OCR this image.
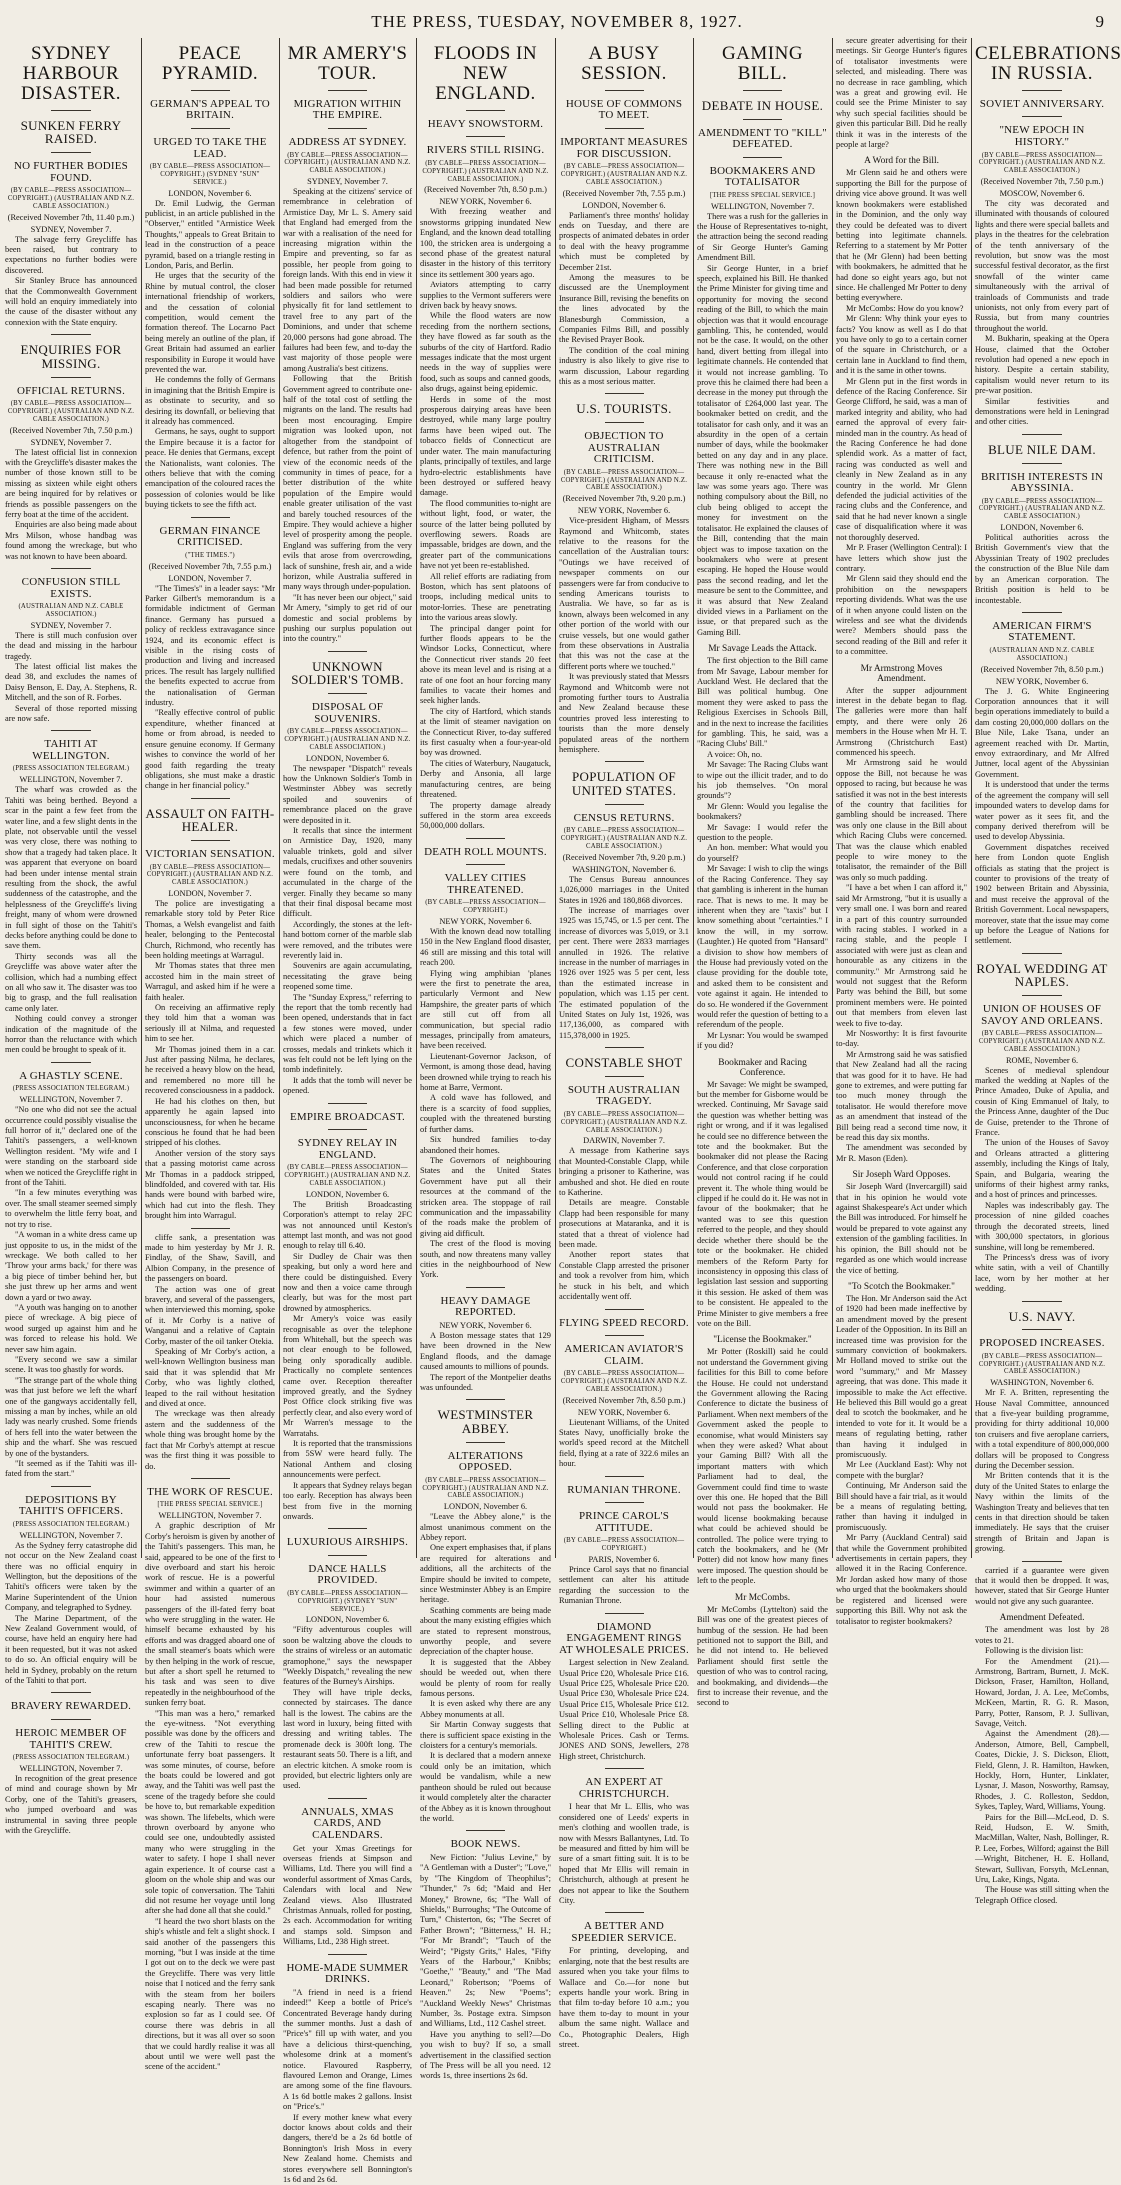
THE PRESS, TUESDAY, NOVEMBER 8, 1927.	9
SYDNEY HARBOUR DISASTER.
SUNKEN FERRY RAISED.
NO FURTHER BODIES FOUND.
(BY CABLE—PRESS ASSOCIATION—COPYRIGHT.) (AUSTRALIAN AND N.Z. CABLE ASSOCIATION.)
(Received November 7th, 11.40 p.m.)
SYDNEY, November 7.

The salvage ferry Greycliffe has been raised, but contrary to expectations no further bodies were discovered.

Sir Stanley Bruce has announced that the Commonwealth Government will hold an enquiry immediately into the cause of the disaster without any connexion with the State enquiry.

ENQUIRIES FOR MISSING.
OFFICIAL RETURNS.
(BY CABLE—PRESS ASSOCIATION—COPYRIGHT.) (AUSTRALIAN AND N.Z. CABLE ASSOCIATION.)
(Received November 7th, 7.50 p.m.)
SYDNEY, November 7.

The latest official list in connexion with the Greycliffe's disaster makes the number of those known still to be missing as sixteen while eight others are being inquired for by relatives or friends as possible passengers on the ferry boat at the time of the accident.

Enquiries are also being made about Mrs Milson, whose handbag was found among the wreckage, but who was not known to have been aboard.

CONFUSION STILL EXISTS.
(AUSTRALIAN AND N.Z. CABLE ASSOCIATION.)
SYDNEY, November 7.

There is still much confusion over the dead and missing in the harbour tragedy.

The latest official list makes the dead 38, and excludes the names of Daisy Benson, E. Day, A. Stephens, R. Mitchell, and the son of R. Forbes.

Several of those reported missing are now safe.

TAHITI AT WELLINGTON.
(PRESS ASSOCIATION TELEGRAM.)
WELLINGTON, November 7.

The wharf was crowded as the Tahiti was being berthed. Beyond a scar in the paint a few feet from the water line, and a few slight dents in the plate, not observable until the vessel was very close, there was nothing to show that a tragedy had taken place. It was apparent that everyone on board had been under intense mental strain resulting from the shock, the awful suddenness of the catastrophe, and the helplessness of the Greycliffe's living freight, many of whom were drowned in full sight of those on the Tahiti's decks before anything could be done to save them.

Thirty seconds was all the Greycliffe was above water after the collision, which had a numbing effect on all who saw it. The disaster was too big to grasp, and the full realisation came only later.

Nothing could convey a stronger indication of the magnitude of the horror than the reluctance with which men could be brought to speak of it.

A GHASTLY SCENE.
(PRESS ASSOCIATION TELEGRAM.)
WELLINGTON, November 7.

"No one who did not see the actual occurrence could possibly visualise the full horror of it," declared one of the Tahiti's passengers, a well-known Wellington resident. "My wife and I were standing on the starboard side when we noticed the Greycliffe right in front of the Tahiti.

"In a few minutes everything was over. The small steamer seemed simply to overwhelm the little ferry boat, and not try to rise.

"A woman in a white dress came up just opposite to us, in the midst of the wreckage. We both called to her 'Throw your arms back,' for there was a big piece of timber behind her, but she just threw up her arms and went down a yard or two away.

"A youth was hanging on to another piece of wreckage. A big piece of wood surged up against him and he was forced to release his hold. We never saw him again.

"Every second we saw a similar scene. It was too ghastly for words.

"The strange part of the whole thing was that just before we left the wharf one of the gangways accidentally fell, missing a man by inches, while an old lady was nearly crushed. Some friends of hers fell into the water between the ship and the wharf. She was rescued by one of the bystanders.

"It seemed as if the Tahiti was ill-fated from the start."

DEPOSITIONS BY TAHITI'S OFFICERS.
(PRESS ASSOCIATION TELEGRAM.)
WELLINGTON, November 7.

As the Sydney ferry catastrophe did not occur on the New Zealand coast there was no official enquiry in Wellington, but the depositions of the Tahiti's officers were taken by the Marine Superintendent of the Union Company, and telegraphed to Sydney.

The Marine Department, of the New Zealand Government would, of course, have held an enquiry here had it been requested, but it was not asked to do so. An official enquiry will be held in Sydney, probably on the return of the Tahiti to that port.

BRAVERY REWARDED.
HEROIC MEMBER OF TAHITI'S CREW.
(PRESS ASSOCIATION TELEGRAM.)
WELLINGTON, November 7.

In recognition of the great presence of mind and courage shown by Mr Corby, one of the Tahiti's greasers, who jumped overboard and was instrumental in saving three people with the Greycliffe.

PEACE PYRAMID.
GERMAN'S APPEAL TO BRITAIN.
URGED TO TAKE THE LEAD.
(BY CABLE—PRESS ASSOCIATION—COPYRIGHT.) (SYDNEY "SUN" SERVICE.)
LONDON, November 6.

Dr. Emil Ludwig, the German publicist, in an article published in the "Observer," entitled "Armistice Week Thoughts," appeals to Great Britain to lead in the construction of a peace pyramid, based on a triangle resting in London, Paris, and Berlin.

He urges that the security of the Rhine by mutual control, the closer international friendship of workers, and the cessation of colonial competition, would cement the formation thereof. The Locarno Pact being merely an outline of the plan, if Great Britain had assumed an earlier responsibility in Europe it would have prevented the war.

He condemns the folly of Germans in imagining that the British Empire is as obstinate to security, and so desiring its downfall, or believing that it already has commenced.

Germans, he says, ought to support the Empire because it is a factor for peace. He denies that Germans, except the Nationalists, want colonies. The others believe that with the coming emancipation of the coloured races the possession of colonies would be like buying tickets to see the fifth act.

GERMAN FINANCE CRITICISED.
("THE TIMES.")
(Received November 7th, 7.55 p.m.)
LONDON, November 7.

"The Times's" in a leader says: "Mr Parker Gilbert's memorandum is a formidable indictment of German finance. Germany has pursued a policy of reckless extravagance since 1924, and its economic effect is visible in the rising costs of production and living and increased prices. The result has largely nullified the benefits expected to accrue from the nationalisation of German industry.

"Really effective control of public expenditure, whether financed at home or from abroad, is needed to ensure genuine economy. If Germany wishes to convince the world of her good faith regarding the treaty obligations, she must make a drastic change in her financial policy."

ASSAULT ON FAITH-HEALER.
VICTORIAN SENSATION.
(BY CABLE—PRESS ASSOCIATION—COPYRIGHT.) (AUSTRALIAN AND N.Z. CABLE ASSOCIATION.)
LONDON, November 7.

The police are investigating a remarkable story told by Peter Rice Thomas, a Welsh evangelist and faith healer, belonging to the Pentecostal Church, Richmond, who recently has been holding meetings at Warragul.

Mr Thomas states that three men accosted him in the main street of Warragul, and asked him if he were a faith healer.

On receiving an affirmative reply they told him that a woman was seriously ill at Nilma, and requested him to see her.

Mr Thomas joined them in a car. Just after passing Nilma, he declares, he received a heavy blow on the head, and remembered no more till he recovered consciousness in a paddock.

He had his clothes on then, but apparently he again lapsed into unconsciousness, for when he became conscious he found that he had been stripped of his clothes.

Another version of the story says that a passing motorist came across Mr Thomas in a paddock stripped, blindfolded, and covered with tar. His hands were bound with barbed wire, which had cut into the flesh. They brought him into Warragul.

cliffe sank, a presentation was made to him yesterday by Mr J. R. Findlay, of the Shaw, Savill, and Albion Company, in the presence of the passengers on board.

The action was one of great bravery, and several of the passengers, when interviewed this morning, spoke of it. Mr Corby is a native of Wanganui and a relative of Captain Corby, master of the oil tanker Otekia.

Speaking of Mr Corby's action, a well-known Wellington business man said that it was splendid that Mr Corby, who was lightly clothed, leaped to the rail without hesitation and dived at once.

The wreckage was then already astern and the suddenness of the whole thing was brought home by the fact that Mr Corby's attempt at rescue was the first thing it was possible to do.

THE WORK OF RESCUE.
[THE PRESS SPECIAL SERVICE.]
WELLINGTON, November 7.

A graphic description of Mr Corby's heroism is given by another of the Tahiti's passengers. This man, he said, appeared to be one of the first to dive overboard and start his heroic work of rescue. He is a powerful swimmer and within a quarter of an hour had assisted numerous passengers of the ill-fated ferry boat who were struggling in the water. He himself became exhausted by his efforts and was dragged aboard one of the small steamer's boats which were by then helping in the work of rescue, but after a short spell he returned to his task and was seen to dive repeatedly in the neighbourhood of the sunken ferry boat.

"This man was a hero," remarked the eye-witness. "Not everything possible was done by the officers and crew of the Tahiti to rescue the unfortunate ferry boat passengers. It was some minutes, of course, before the boats could be lowered and got away, and the Tahiti was well past the scene of the tragedy before she could be hove to, but remarkable expedition was shown. The lifebelts, which were thrown overboard by anyone who could see one, undoubtedly assisted many who were struggling in the water to safety. I hope I shall never again experience. It of course cast a gloom on the whole ship and was our sole topic of conversation. The Tahiti did not resume her voyage until long after she had done all that she could."

"I heard the two short blasts on the ship's whistle and felt a slight shock. I said another of the passengers this morning, "but I was inside at the time I got out on to the deck we were past the Greycliffe. There was very little noise that I noticed and the ferry sank with the steam from her boilers escaping nearly. There was no explosion so far as I could see. Of course there was debris in all directions, but it was all over so soon that we could hardly realise it was all about until we were well past the scene of the accident."

MR AMERY'S TOUR.
MIGRATION WITHIN THE EMPIRE.
ADDRESS AT SYDNEY.
(BY CABLE—PRESS ASSOCIATION—COPYRIGHT.) (AUSTRALIAN AND N.Z. CABLE ASSOCIATION.)
SYDNEY, November 7.

Speaking at the citizens' service of remembrance in celebration of Armistice Day, Mr L. S. Amery said that England had emerged from the war with a realisation of the need for increasing migration within the Empire and preventing, so far as possible, her people from going to foreign lands. With this end in view it had been made possible for returned soldiers and sailors who were physically fit for land settlement to travel free to any part of the Dominions, and under that scheme 20,000 persons had gone abroad. The failures had been few, and to-day the vast majority of those people were among Australia's best citizens.

Following that the British Government agreed to contribute one-half of the total cost of settling the migrants on the land. The results had been most encouraging. Empire migration was looked upon, not altogether from the standpoint of defence, but rather from the point of view of the economic needs of the community in times of peace, for a better distribution of the white population of the Empire would enable greater utilisation of the vast and barely touched resources of the Empire. They would achieve a higher level of prosperity among the people. England was suffering from the very evils that arose from overcrowding, lack of sunshine, fresh air, and a wide horizon, while Australia suffered in many ways through under-population.

"It has never been our object," said Mr Amery, "simply to get rid of our domestic and social problems by pushing our surplus population out into the country."

UNKNOWN SOLDIER'S TOMB.
DISPOSAL OF SOUVENIRS.
(BY CABLE—PRESS ASSOCIATION—COPYRIGHT.) (AUSTRALIAN AND N.Z. CABLE ASSOCIATION.)
LONDON, November 6.

The newspaper "Dispatch" reveals how the Unknown Soldier's Tomb in Westminster Abbey was secretly spoiled and souvenirs of remembrance placed on the grave were deposited in it.

It recalls that since the interment on Armistice Day, 1920, many valuable trinkets, gold and silver medals, crucifixes and other souvenirs were found on the tomb, and accumulated in the charge of the verger. Finally they became so many that their final disposal became most difficult.

Accordingly, the stones at the left-hand bottom corner of the marble slab were removed, and the tributes were reverently laid in.

Souvenirs are again accumulating, necessitating the grave being reopened some time.

The "Sunday Express," referring to the report that the tomb recently had been opened, understands that in fact a few stones were moved, under which were placed a number of crosses, medals and trinkets which it was felt could not be left lying on the tomb indefinitely.

It adds that the tomb will never be opened.

EMPIRE BROADCAST.
SYDNEY RELAY IN ENGLAND.
(BY CABLE—PRESS ASSOCIATION—COPYRIGHT.) (AUSTRALIAN AND N.Z. CABLE ASSOCIATION.)
LONDON, November 6.

The British Broadcasting Corporation's attempt to relay 2FC was not announced until Keston's attempt last month, and was not good enough to relay till 6.40.

Sir Dudley de Chair was then speaking, but only a word here and there could be distinguished. Every now and then a voice came through clearly, but was for the most part drowned by atmospherics.

Mr Amery's voice was easily recognisable as over the telephone from Whitehall, but the speech was not clear enough to be followed, being only sporadically audible. Practically no complete sentences came over. Reception thereafter improved greatly, and the Sydney Post Office clock striking five was perfectly clear, and also every word of Mr Warren's message to the Warratahs.

It is reported that the transmissions from 5SW were heard fully. The National Anthem and closing announcements were perfect.

It appears that Sydney relays began too early. Reception has always been best from five in the morning onwards.

LUXURIOUS AIRSHIPS.
DANCE HALLS PROVIDED.
(BY CABLE—PRESS ASSOCIATION—COPYRIGHT.) (SYDNEY "SUN" SERVICE.)
LONDON, November 6.

"Fifty adventurous couples will soon be waltzing above the clouds to the strains of wireless or an automatic gramophone," says the newspaper "Weekly Dispatch," revealing the new features of the Burney's Airships.

They will have triple decks, connected by staircases. The dance hall is the lowest. The cabins are the last word in luxury, being fitted with dressing and writing tables. The promenade deck is 300ft long. The restaurant seats 50. There is a lift, and an electric kitchen. A smoke room is provided, but electric lighters only are used.

ANNUALS, XMAS CARDS, AND CALENDARS.

Get your Xmas Greetings for overseas friends at Simpson and Williams, Ltd. There you will find a wonderful assortment of Xmas Cards, Calendars with local and New Zealand views. Also Illustrated Christmas Annuals, rolled for posting, 2s each. Accommodation for writing and stamps sold. Simpson and Williams, Ltd., 238 High street.

HOME-MADE SUMMER DRINKS.

"A friend in need is a friend indeed!" Keep a bottle of Price's Concentrated Beverage handy during the summer months. Just a dash of "Price's" fill up with water, and you have a delicious thirst-quenching, wholesome drink at a moment's notice. Flavoured Raspberry, flavoured Lemon and Orange, Limes are among some of the fine flavours. A 1s 6d bottle makes 2 gallons. Insist on "Price's."

If every mother knew what every doctor knows about colds and their dangers, there'd be a 2s 6d bottle of Bonnington's Irish Moss in every New Zealand home. Chemists and stores everywhere sell Bonnington's 1s 6d and 2s 6d.

FLOODS IN NEW ENGLAND.
HEAVY SNOWSTORM.
RIVERS STILL RISING.
(BY CABLE—PRESS ASSOCIATION—COPYRIGHT.) (AUSTRALIAN AND N.Z. CABLE ASSOCIATION.)
(Received November 7th, 8.50 p.m.)
NEW YORK, November 6.

With freezing weather and snowstorms gripping inundated New England, and the known dead totalling 100, the stricken area is undergoing a second phase of the greatest natural disaster in the history of this territory since its settlement 300 years ago.

Aviators attempting to carry supplies to the Vermont sufferers were driven back by heavy snows.

While the flood waters are now receding from the northern sections, they have flowed as far south as the suburbs of the city of Hartford. Radio messages indicate that the most urgent needs in the way of supplies were food, such as soups and canned goods, also drugs, against being epidemic.

Herds in some of the most prosperous dairying areas have been destroyed, while many large poultry farms have been wiped out. The tobacco fields of Connecticut are under water. The main manufacturing plants, principally of textiles, and large hydro-electric establishments have been destroyed or suffered heavy damage.

The flood communities to-night are without light, food, or water, the source of the latter being polluted by overflowing sewers. Roads are impassable, bridges are down, and the greater part of the communications have not yet been re-established.

All relief efforts are radiating from Boston, which has sent platoons of troops, including medical units to motor-lorries. These are penetrating into the various areas slowly.

The principal danger point for further floods appears to be the Windsor Locks, Connecticut, where the Connecticut river stands 20 feet above its mean level and is rising at a rate of one foot an hour forcing many families to vacate their homes and seek higher lands.

The city of Hartford, which stands at the limit of steamer navigation on the Connecticut River, to-day suffered its first casualty when a four-year-old boy was drowned.

The cities of Waterbury, Naugatuck, Derby and Ansonia, all large manufacturing centres, are being threatened.

The property damage already suffered in the storm area exceeds 50,000,000 dollars.

DEATH ROLL MOUNTS.
VALLEY CITIES THREATENED.
(BY CABLE—PRESS ASSOCIATION—COPYRIGHT.)
NEW YORK, November 6.

With the known dead now totalling 150 in the New England flood disaster, 46 still are missing and this total will reach 200.

Flying wing amphibian 'planes were the first to penetrate the area, particularly Vermont and New Hampshire, the greater parts of which are still cut off from all communication, but special radio messages, principally from amateurs, have been received.

Lieutenant-Governor Jackson, of Vermont, is among those dead, having been drowned while trying to reach his home at Barre, Vermont.

A cold wave has followed, and there is a scarcity of food supplies, coupled with the threatened bursting of further dams.

Six hundred families to-day abandoned their homes.

The Governors of neighbouring States and the United States Government have put all their resources at the command of the stricken area. The stoppage of rail communication and the impassability of the roads make the problem of giving aid difficult.

The crest of the flood is moving south, and now threatens many valley cities in the neighbourhood of New York.

HEAVY DAMAGE REPORTED.
NEW YORK, November 6.

A Boston message states that 129 have been drowned in the New England floods, and the damage caused amounts to millions of pounds.

The report of the Montpelier deaths was unfounded.

WESTMINSTER ABBEY.
ALTERATIONS OPPOSED.
(BY CABLE—PRESS ASSOCIATION—COPYRIGHT.) (AUSTRALIAN AND N.Z. CABLE ASSOCIATION.)
LONDON, November 6.

"Leave the Abbey alone," is the almost unanimous comment on the Abbey report.

One expert emphasises that, if plans are required for alterations and additions, all the architects of the Empire should be invited to compete, since Westminster Abbey is an Empire heritage.

Scathing comments are being made about the many existing effigies which are stated to represent monstrous, unworthy people, and severe depreciation of the chapter house.

It is suggested that the Abbey should be weeded out, when there would be plenty of room for really famous persons.

It is even asked why there are any Abbey monuments at all.

Sir Martin Conway suggests that there is sufficient space existing in the cloisters for a century's memorials.

It is declared that a modern annexe could only be an imitation, which would be vandalism, while a new pantheon should be ruled out because it would completely alter the character of the Abbey as it is known throughout the world.

BOOK NEWS.

New Fiction: "Julius Levine," by "A Gentleman with a Duster"; "Love," by "The Kingdom of Theophilus"; "Thunder," 7s 6d; "Maid and Her Money," Browne, 6s; "The Wall of Shields," Burroughs; "The Outcome of Turn," Chisterton, 6s; "The Secret of Father Brown"; "Bitterness," H. H.; "For Mr Brandt"; "Tauch of the Weird"; "Pigsty Grits," Hales, "Fifty Years of the Harbour," Knibbs; "Goethe," "Beauty," and "The Mad Leonard," Robertson; "Poems of Heaven." 2s; New "Poems"; "Auckland Weekly News" Christmas Number, 3s. Postage extra. Simpson and Williams, Ltd., 112 Cashel street.

Have you anything to sell?—Do you wish to buy? If so, a small advertisement in the classified section of The Press will be all you need. 12 words 1s, three insertions 2s 6d.

A BUSY SESSION.
HOUSE OF COMMONS TO MEET.
IMPORTANT MEASURES FOR DISCUSSION.
(BY CABLE—PRESS ASSOCIATION—COPYRIGHT.) (AUSTRALIAN AND N.Z. CABLE ASSOCIATION.)
(Received November 7th, 7.55 p.m.)
LONDON, November 6.

Parliament's three months' holiday ends on Tuesday, and there are prospects of animated debates in order to deal with the heavy programme which must be completed by December 21st.

Among the measures to be discussed are the Unemployment Insurance Bill, revising the benefits on the lines advocated by the Blanesburgh Commission, a Companies Films Bill, and possibly the Revised Prayer Book.

The condition of the coal mining industry is also likely to give rise to warm discussion, Labour regarding this as a most serious matter.

U.S. TOURISTS.
OBJECTION TO AUSTRALIAN CRITICISM.
(BY CABLE—PRESS ASSOCIATION—COPYRIGHT.) (AUSTRALIAN AND N.Z. CABLE ASSOCIATION.)
(Received November 7th, 9.20 p.m.)
NEW YORK, November 6.

Vice-president Higham, of Messrs Raymond and Whitcomb, states relative to the reasons for the cancellation of the Australian tours: "Outings we have received of newspaper comments on our passengers were far from conducive to sending Americans tourists to Australia. We have, so far as is known, always been welcomed in any other portion of the world with our cruise vessels, but one would gather from these observations in Australia that this was not the case at the different ports where we touched."

It was previously stated that Messrs Raymond and Whitcomb were not promoting further tours to Australia and New Zealand because these countries proved less interesting to tourists than the more densely populated areas of the northern hemisphere.

POPULATION OF UNITED STATES.
CENSUS RETURNS.
(BY CABLE—PRESS ASSOCIATION—COPYRIGHT.) (AUSTRALIAN AND N.Z. CABLE ASSOCIATION.)
(Received November 7th, 9.20 p.m.)
WASHINGTON, November 6.

The Census Bureau announces 1,026,000 marriages in the United States in 1926 and 180,868 divorces.

The increase of marriages over 1925 was 15,745, or 1.5 per cent. The increase of divorces was 5,019, or 3.1 per cent. There were 2833 marriages annulled in 1926. The relative increase in the number of marriages in 1926 over 1925 was 5 per cent, less than the estimated increase in population, which was 1.15 per cent. The estimated population of the United States on July 1st, 1926, was 117,136,000, as compared with 115,378,000 in 1925.

CONSTABLE SHOT
SOUTH AUSTRALIAN TRAGEDY.
(BY CABLE—PRESS ASSOCIATION—COPYRIGHT.) (AUSTRALIAN AND N.Z. CABLE ASSOCIATION.)
DARWIN, November 7.

A message from Katherine says that Mounted-Constable Clapp, while bringing a prisoner to Katherine, was ambushed and shot. He died en route to Katherine.

Details are meagre. Constable Clapp had been responsible for many prosecutions at Mataranka, and it is stated that a threat of violence had been made.

Another report states that Constable Clapp arrested the prisoner and took a revolver from him, which he stuck in his belt, and which accidentally went off.

FLYING SPEED RECORD.
AMERICAN AVIATOR'S CLAIM.
(BY CABLE—PRESS ASSOCIATION—COPYRIGHT.) (AUSTRALIAN AND N.Z. CABLE ASSOCIATION.)
(Received November 7th, 8.50 p.m.)
NEW YORK, November 6.

Lieutenant Williams, of the United States Navy, unofficially broke the world's speed record at the Mitchell field, flying at a rate of 322.6 miles an hour.

RUMANIAN THRONE.
PRINCE CAROL'S ATTITUDE.
(BY CABLE—PRESS ASSOCIATION—COPYRIGHT.)
PARIS, November 6.

Prince Carol says that no financial settlement can alter his attitude regarding the succession to the Rumanian Throne.

DIAMOND ENGAGEMENT RINGS AT WHOLESALE PRICES.

Largest selection in New Zealand. Usual Price £20, Wholesale Price £16. Usual Price £25, Wholesale Price £20. Usual Price £30, Wholesale Price £24. Usual Price £15, Wholesale Price £12. Usual Price £10, Wholesale Price £8. Selling direct to the Public at Wholesale Prices. Cash or Terms. JONES AND SONS, Jewellers, 278 High street, Christchurch.

AN EXPERT AT CHRISTCHURCH.

I hear that Mr L. Ellis, who was considered one of Leeds' experts in men's clothing and woollen trade, is now with Messrs Ballantynes, Ltd. To be measured and fitted by him will be sure of a smart fitting suit. It is to be hoped that Mr Ellis will remain in Christchurch, although at present he does not appear to like the Southern City.

A BETTER AND SPEEDIER SERVICE.

For printing, developing, and enlarging, note that the best results are assured when you take your films to Wallace and Co.—for none but experts handle your work. Bring in that film to-day before 10 a.m.; you have them to-day to mount in your album the same night. Wallace and Co., Photographic Dealers, High street.

GAMING BILL.
DEBATE IN HOUSE.
AMENDMENT TO "KILL" DEFEATED.
BOOKMAKERS AND TOTALISATOR
[THE PRESS SPECIAL SERVICE.]
WELLINGTON, November 7.

There was a rush for the galleries in the House of Representatives to-night, the attraction being the second reading of Sir George Hunter's Gaming Amendment Bill.

Sir George Hunter, in a brief speech, explained his Bill. He thanked the Prime Minister for giving time and opportunity for moving the second reading of the Bill, to which the main objection was that it would encourage gambling. This, he contended, would not be the case. It would, on the other hand, divert betting from illegal into legitimate channels. He contended that it would not increase gambling. To prove this he claimed there had been a decrease in the money put through the totalisator of £264,000 last year. The bookmaker betted on credit, and the totalisator for cash only, and it was an absurdity in the open of a certain number of days, while the bookmaker betted on any day and in any place. There was nothing new in the Bill because it only re-enacted what the law was some years ago. There was nothing compulsory about the Bill, no club being obliged to accept the money for investment on the totalisator. He explained the clauses of the Bill, contending that the main object was to impose taxation on the bookmakers who were at present escaping. He hoped the House would pass the second reading, and let the measure be sent to the Committee, and it was absurd that New Zealand divided views in a Parliament on the issue, or that prepared such as the Gaming Bill.

Mr Savage Leads the Attack.

The first objection to the Bill came from Mr Savage, Labour member for Auckland West. He declared that the Bill was political humbug. One moment they were asked to pass the Religious Exercises in Schools Bill, and in the next to increase the facilities for gambling. This, he said, was a "Racing Clubs' Bill."

A voice: Oh, no.

Mr Savage: The Racing Clubs want to wipe out the illicit trader, and to do his job themselves. "On moral grounds"?

Mr Glenn: Would you legalise the bookmakers?

Mr Savage: I would refer the question to the people.

An hon. member: What would you do yourself?

Mr Savage: I wish to clip the wings of the Racing Conference. They say that gambling is inherent in the human race. That is news to me. It may be inherent when they are "taxis" but I know something about "certainties." I know the will, in my sorrow. (Laughter.) He quoted from "Hansard" a division to show how members of the House had previously voted on the clause providing for the double tote, and asked them to be consistent and vote against it again. He intended to do so. He wondered if the Government would refer the question of betting to a referendum of the people.

Mr Lysnar: You would be swamped if you did?

Bookmaker and Racing Conference.

Mr Savage: We might be swamped, but the member for Gisborne would be wrecked. Continuing, Mr Savage said the question was whether betting was right or wrong, and if it was legalised he could see no difference between the tote and the bookmaker. But the bookmaker did not please the Racing Conference, and that close corporation would not control racing if he could prevent it. The whole thing would be clipped if he could do it. He was not in favour of the bookmaker; that he wanted was to see this question referred to the people, and they should decide whether there should be the tote or the bookmaker. He chided members of the Reform Party for inconsistency in opposing this class of legislation last session and supporting it this session. He asked of them was to be consistent. He appealed to the Prime Minister to give members a free vote on the Bill.

"License the Bookmaker."

Mr Potter (Roskill) said he could not understand the Government giving facilities for this Bill to come before the House. He could not understand the Government allowing the Racing Conference to dictate the business of Parliament. When next members of the Government asked the people to economise, what would Ministers say when they were asked? What about your Gaming Bill? With all the important matters with which Parliament had to deal, the Government could find time to waste over this one. He hoped that the Bill would not pass the bookmaker. He would license bookmaking because what could be achieved should be controlled. The police were trying to catch the bookmakers, and he (Mr Potter) did not know how many fines were imposed. The question should be left to the people.

Mr McCombs.

Mr McCombs (Lyttelton) said the Bill was one of the greatest pieces of humbug of the session. He had been petitioned not to support the Bill, and he did not intend to. He believed Parliament should first settle the question of who was to control racing, and bookmaking, and dividends—the first to increase their revenue, and the second to

secure greater advertising for their meetings. Sir George Hunter's figures of totalisator investments were selected, and misleading. There was no decrease in race gambling, which was a great and growing evil. He could see the Prime Minister to say why such special facilities should be given this particular Bill. Did he really think it was in the interests of the people at large?

A Word for the Bill.

Mr Glenn said he and others were supporting the Bill for the purpose of driving vice above ground. It was well known bookmakers were established in the Dominion, and the only way they could be defeated was to divert betting into legitimate channels. Referring to a statement by Mr Potter that he (Mr Glenn) had been betting with bookmakers, he admitted that he had done so eight years ago, but not since. He challenged Mr Potter to deny betting everywhere.

Mr McCombs: How do you know?

Mr Glenn: Why think your eyes to facts? You know as well as I do that you have only to go to a certain corner of the square in Christchurch, or a certain lane in Auckland to find them, and it is the same in other towns.

Mr Glenn put in the first words in defence of the Racing Conference. Sir George Clifford, he said, was a man of marked integrity and ability, who had earned the approval of every fair-minded man in the country. As head of the Racing Conference he had done splendid work. As a matter of fact, racing was conducted as well and cleanly in New Zealand as in any country in the world. Mr Glenn defended the judicial activities of the racing clubs and the Conference, and said that he had never known a single case of disqualification where it was not thoroughly deserved.

Mr P. Fraser (Wellington Central): I have letters which show just the contrary.

Mr Glenn said they should end the prohibition on the newspapers reporting dividends. What was the use of it when anyone could listen on the wireless and see what the dividends were? Members should pass the second reading of the Bill and refer it to a committee.

Mr Armstrong Moves Amendment.

After the supper adjournment interest in the debate began to flag. The galleries were more than half empty, and there were only 26 members in the House when Mr H. T. Armstrong (Christchurch East) commenced his speech.

Mr Armstrong said he would oppose the Bill, not because he was opposed to racing, but because he was satisfied it was not in the best interests of the country that facilities for gambling should be increased. There was only one clause in the Bill about which Racing Clubs were concerned. That was the clause which enabled people to wire money to the totalisator, the remainder of the Bill was only so much padding.

"I have a bet when I can afford it," said Mr Armstrong, "but it is usually a very small one. I was born and reared in a part of this country surrounded with racing stables. I worked in a racing stable, and the people I associated with were just as clean and honourable as any citizens in the community." Mr Armstrong said he would not suggest that the Reform Party was behind the Bill, but some prominent members were. He pointed out that members from eleven last week to five to-day.

Mr Nosworthy: It is first favourite to-day.

Mr Armstrong said he was satisfied that New Zealand had all the racing that was good for it to have. He had gone to extremes, and were putting far too much money through the totalisator. He would therefore move as an amendment that instead of the Bill being read a second time now, it be read this day six months.

The amendment was seconded by Mr R. Mason (Eden).

Sir Joseph Ward Opposes.

Sir Joseph Ward (Invercargill) said that in his opinion he would vote against Shakespeare's Act under which the Bill was introduced. For himself he would be prepared to vote against any extension of the gambling facilities. In his opinion, the Bill should not be regarded as one which would increase the vice of betting.

"To Scotch the Bookmaker."

The Hon. Mr Anderson said the Act of 1920 had been made ineffective by an amendment moved by the present Leader of the Opposition. In its Bill an increased time was provision for the summary conviction of bookmakers. Mr Holland moved to strike out the word "summary," and Mr Massey agreeing, that was done. This made it impossible to make the Act effective. He believed this Bill would go a great deal to scotch the bookmaker, and he intended to vote for it. It would be a means of regulating betting, rather than having it indulged in promiscuously.

Mr Lee (Auckland East): Why not compete with the burglar?

Continuing, Mr Anderson said the Bill should have a fair trial, as it would be a means of regulating betting, rather than having it indulged in promiscuously.

Mr Parry (Auckland Central) said that while the Government prohibited advertisements in certain papers, they allowed it in the Racing Conference. Mr Jordan asked how many of those who urged that the bookmakers should be registered and licensed were supporting this Bill. Why not ask the totalisator to register bookmakers?

CELEBRATIONS IN RUSSIA.
SOVIET ANNIVERSARY.
"NEW EPOCH IN HISTORY."
(BY CABLE—PRESS ASSOCIATION—COPYRIGHT.) (AUSTRALIAN AND N.Z. CABLE ASSOCIATION.)
(Received November 7th, 7.50 p.m.)
MOSCOW, November 6.

The city was decorated and illuminated with thousands of coloured lights and there were special ballets and plays in the theatres for the celebration of the tenth anniversary of the revolution, but snow was the most successful festival decorator, as the first snowfall of the winter came simultaneously with the arrival of trainloads of Communists and trade unionists, not only from every part of Russia, but from many countries throughout the world.

M. Bukharin, speaking at the Opera House, claimed that the October revolution had opened a new epoch in history. Despite a certain stability, capitalism would never return to its pre-war position.

Similar festivities and demonstrations were held in Leningrad and other cities.

BLUE NILE DAM.
BRITISH INTERESTS IN ABYSSINIA.
(BY CABLE—PRESS ASSOCIATION—COPYRIGHT.) (AUSTRALIAN AND N.Z. CABLE ASSOCIATION.)
LONDON, November 6.

Political authorities across the British Government's view that the Abyssinian Treaty of 1902 precludes the construction of the Blue Nile dam by an American corporation. The British position is held to be incontestable.

AMERICAN FIRM'S STATEMENT.
(AUSTRALIAN AND N.Z. CABLE ASSOCIATION.)
(Received November 7th, 8.50 p.m.)
NEW YORK, November 6.

The J. G. White Engineering Corporation announces that it will begin operations immediately to build a dam costing 20,000,000 dollars on the Blue Nile, Lake Tsana, under an agreement reached with Dr. Martin, envoy extraordinary, and Mr Alfred Juttner, local agent of the Abyssinian Government.

It is understood that under the terms of the agreement the company will sell impounded waters to develop dams for water power as it sees fit, and the company derived therefrom will be used to develop Abyssinia.

Government dispatches received here from London quote English officials as stating that the project is counter to provisions of the treaty of 1902 between Britain and Abyssinia, and must receive the approval of the British Government. Local newspapers, moreover, state that the issue may come up before the League of Nations for settlement.

ROYAL WEDDING AT NAPLES.
UNION OF HOUSES OF SAVOY AND ORLEANS.
(BY CABLE—PRESS ASSOCIATION—COPYRIGHT.) (AUSTRALIAN AND N.Z. CABLE ASSOCIATION.)
ROME, November 6.

Scenes of medieval splendour marked the wedding at Naples of the Prince Amadeo, Duke of Apulia, and cousin of King Emmanuel of Italy, to the Princess Anne, daughter of the Duc de Guise, pretender to the Throne of France.

The union of the Houses of Savoy and Orleans attracted a glittering assembly, including the Kings of Italy, Spain, and Bulgaria, wearing the uniforms of their highest army ranks, and a host of princes and princesses.

Naples was indescribably gay. The procession of nine gilded coaches through the decorated streets, lined with 300,000 spectators, in glorious sunshine, will long be remembered.

The Princess's dress was of ivory white satin, with a veil of Chantilly lace, worn by her mother at her wedding.

U.S. NAVY.
PROPOSED INCREASES.
(BY CABLE—PRESS ASSOCIATION—COPYRIGHT.) (AUSTRALIAN AND N.Z. CABLE ASSOCIATION.)
WASHINGTON, November 6.

Mr F. A. Britten, representing the House Naval Committee, announced that a five-year building programme, providing for thirty additional 10,000 ton cruisers and five aeroplane carriers, with a total expenditure of 800,000,000 dollars will be proposed to Congress during the December session.

Mr Britten contends that it is the duty of the United States to enlarge the Navy within the limits of the Washington Treaty and believes that ten cents in that direction should be taken immediately. He says that the cruiser strength of Britain and Japan is growing.

carried if a guarantee were given that it would then be dropped. It was, however, stated that Sir George Hunter would not give any such guarantee.

Amendment Defeated.

The amendment was lost by 28 votes to 21.

Following is the division list:

For the Amendment (21).—Armstrong, Bartram, Burnett, J. McK. Dickson, Fraser, Hamilton, Holland, Howard, Jordan, J. A. Lee, McCombs, McKeen, Martin, R. G. R. Mason, Parry, Potter, Ransom, P. J. Sullivan, Savage, Veitch.

Against the Amendment (28).—Anderson, Atmore, Bell, Campbell, Coates, Dickie, J. S. Dickson, Eliott, Field, Glenn, J. R. Hamilton, Hawken, Hockly, Horn, Hunter, Linklater, Lysnar, J. Mason, Nosworthy, Ramsay, Rhodes, J. C. Rolleston, Seddon, Sykes, Tapley, Ward, Williams, Young.

Pairs for the Bill—McLeod, D. S. Reid, Hudson, E. W. Smith, MacMillan, Walter, Nash, Bollinger, R. P. Lee, Forbes, Wilford; against the Bill—Wright, Bitchener, H. E. Holland, Stewart, Sullivan, Forsyth, McLennan, Uru, Lake, Kings, Ngata.

The House was still sitting when the Telegraph Office closed.
